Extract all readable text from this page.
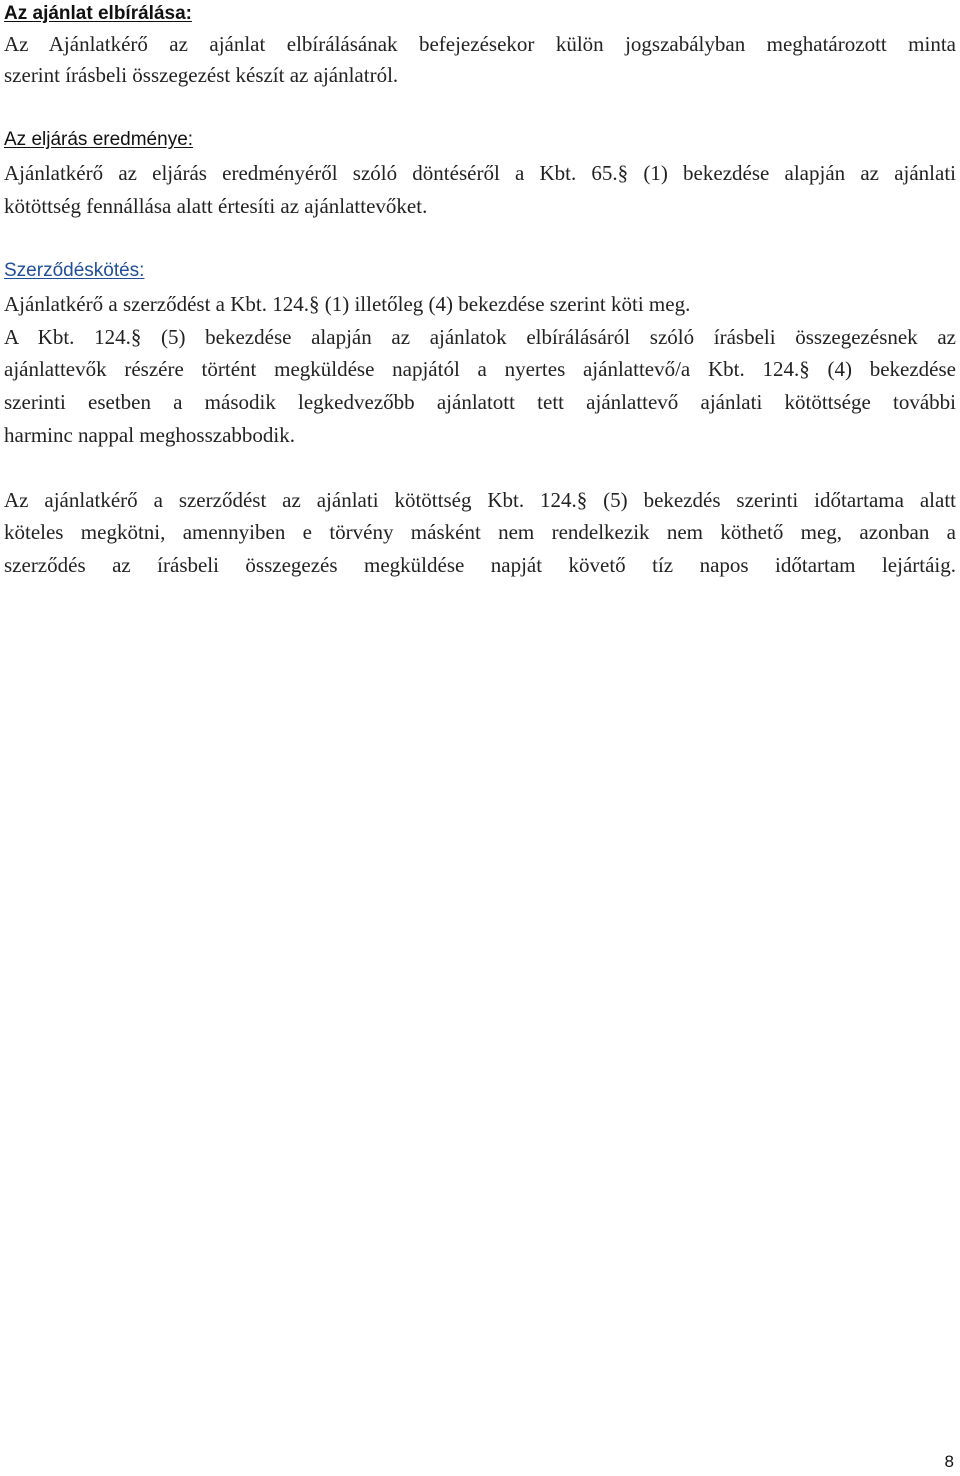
Az ajánlat elbírálása:
Az Ajánlatkérő az ajánlat elbírálásának befejezésekor külön jogszabályban meghatározott minta
szerint írásbeli összegezést készít az ajánlatról.
Az eljárás eredménye:
Ajánlatkérő az eljárás eredményéről szóló döntéséről a Kbt. 65.§ (1) bekezdése alapján az ajánlati
kötöttség fennállása alatt értesíti az ajánlattevőket.
Szerződéskötés:
Ajánlatkérő a szerződést a Kbt. 124.§ (1) illetőleg (4) bekezdése szerint köti meg.
A Kbt. 124.§ (5) bekezdése alapján az ajánlatok elbírálásáról szóló írásbeli összegezésnek az
ajánlattevők részére történt megküldése napjától a nyertes ajánlattevő/a Kbt. 124.§ (4) bekezdése
szerinti esetben a második legkedvezőbb ajánlatott tett ajánlattevő ajánlati kötöttsége további
harminc nappal meghosszabbodik.
Az ajánlatkérő a szerződést az ajánlati kötöttség Kbt. 124.§ (5) bekezdés szerinti időtartama alatt
köteles megkötni, amennyiben e törvény másként nem rendelkezik nem köthető meg, azonban a
szerződés az írásbeli összegezés megküldése napját követő tíz napos időtartam lejártáig.
8
